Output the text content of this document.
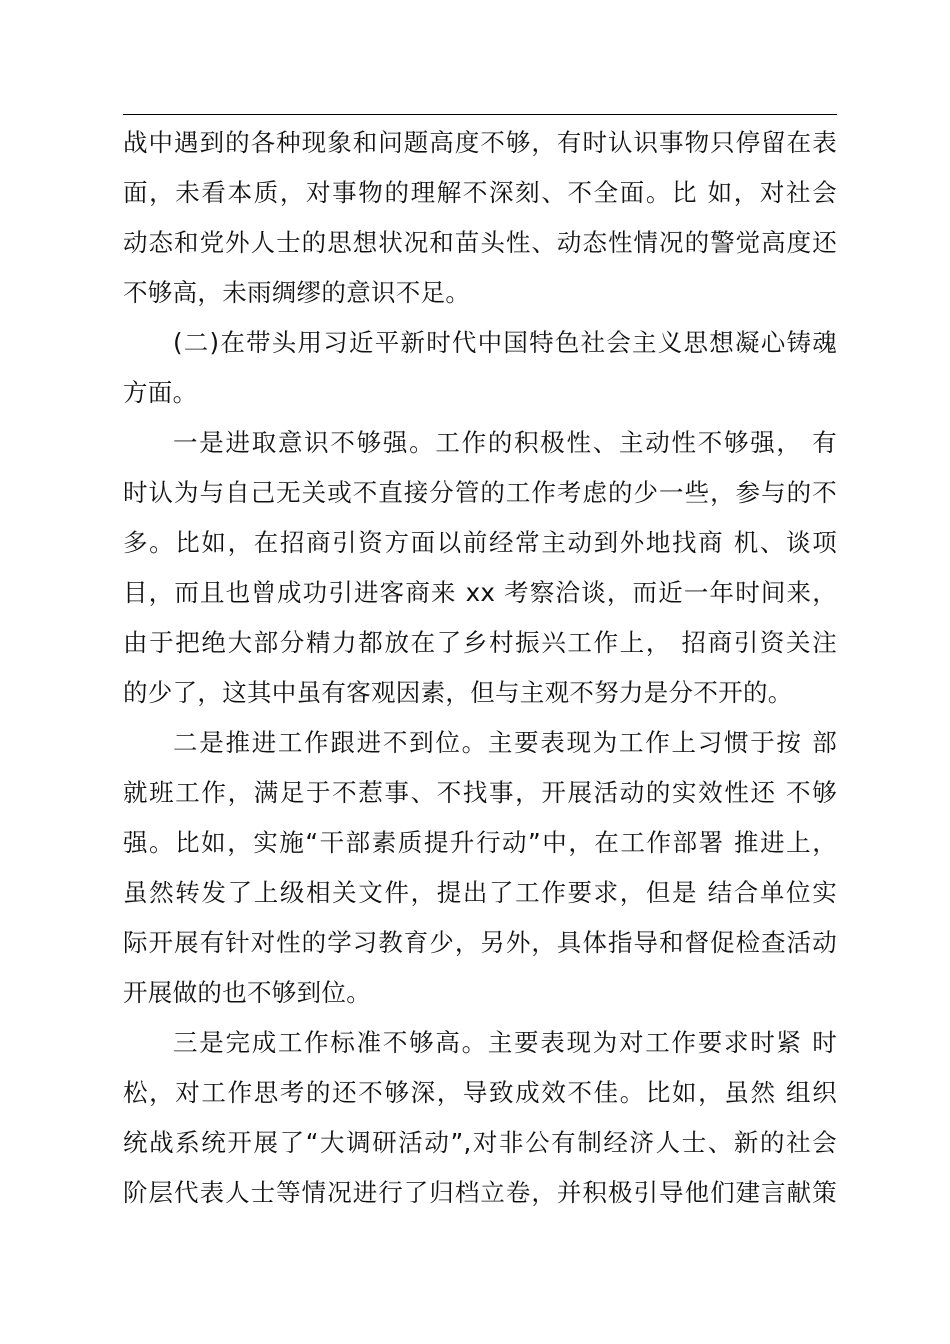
战中遇到的各种现象和问题高度不够，有时认识事物只停留在表
面，未看本质，对事物的理解不深刻、不全面。比 如，对社会
动态和党外人士的思想状况和苗头性、动态性情况的警觉高度还
不够高，未雨绸缪的意识不足。
(二)在带头用习近平新时代中国特色社会主义思想凝心铸魂
方面。
一是进取意识不够强。工作的积极性、主动性不够强， 有
时认为与自己无关或不直接分管的工作考虑的少一些，参与的不
多。比如，在招商引资方面以前经常主动到外地找商 机、谈项
目，而且也曾成功引进客商来 xx 考察洽谈，而近一年时间来，
由于把绝大部分精力都放在了乡村振兴工作上， 招商引资关注
的少了，这其中虽有客观因素，但与主观不努力是分不开的。
二是推进工作跟进不到位。主要表现为工作上习惯于按 部
就班工作，满足于不惹事、不找事，开展活动的实效性还 不够
强。比如，实施“干部素质提升行动”中，在工作部署 推进上，
虽然转发了上级相关文件，提出了工作要求，但是 结合单位实
际开展有针对性的学习教育少，另外，具体指导和督促检查活动
开展做的也不够到位。
三是完成工作标准不够高。主要表现为对工作要求时紧 时
松，对工作思考的还不够深，导致成效不佳。比如，虽然 组织
统战系统开展了“大调研活动”,对非公有制经济人士、新的社会
阶层代表人士等情况进行了归档立卷，并积极引导他们建言献策
